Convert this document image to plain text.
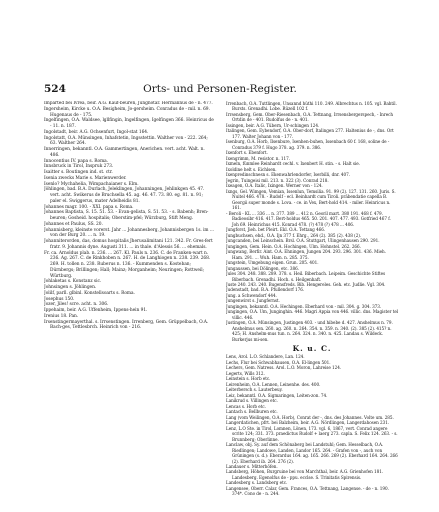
524	Orts- und Personen-Register.

Imparted bei Ivrea, beir. A.G. Kauf-beuren, Jungnotar. Hermannus de - n. 477.

Ingersheim, Kircke u. O.A. Besigheim, Jo-gersheim. Conradus de - mil. n. 69. Hugenaus de - 175.

Ingelfingen, O.A. Waldsee, lgllfingin, Ingelfingen, Igelfingen 366. Heinricus de - 11. n. 187.

Ingolstadt, beir. A.G. Ochsenfurt, Ingol-stat 164.

Ingolstatt, O.A. Münsingen, Inhafstetin, Ingsstettin. Walther von - 222. 264; 63. Walther 264.

Innerringen, bekanntl. O.A. Gammertingen, Anerichen. vert. acht. Walt. n. 486.

Innocentius IV. papa s. Roma.

Innsbruck in Tirol, Inspruk 273.

Isaitter s. Boutingen ind. st. ctr.

Isenia zwecks Marie s. Marienwerder.

Isenlo? Mychahelia, Wimpachaianer s. Elm.

Jöhlingen, bad. B.A. Durlach, Jeleklingen, Johanningen, Jehlinkgen 45. 47. vert. acht. Swikerus de Bruchsella 45. ag. 46. 47. 73. 80. eg. 81. n. 91; paler el. Swiggerus, mater Adelheidis 81.

Johannes magr. 100. - XXI. papa s. Roma.

Johannes Baptista, S. 15. 51. 53. - Evan-gelista, S. 51. 53. - s. Babenh; Bren-beuren; Gosheid. hospitalis; Oberstim-pfel; Würzburg, Stift Meng.

Johannes et Paulus, SS. 20.

Johannisberg, kleinste vorerst. Jahr ... Johannesberg, Johannisbergen 1s. im ... von der Burg 20. ... n. 19.

Johanniterorden, das, domus hospitalis Jherusalimitani 121. 342. Fr. Gres-fert fratr. 9. Johannis dyne. Augusti 311. ... in thale. d'Alessis 56. ... ehemals.

Fr. ca. Arnoldus plab. n. 236. ... 267. Kl. Pauls n. 236. C. de Franken-wart n. 236. Ag. 267. C. de Rinkhoben n. 267. H. de Langhiogen n. 238. 239. 268. 269. H. tollen n. 238. Ruberus n. 136. - Kummenden s. Kosteban; Dürnbergs; Brillingen; Hall; Mainz; Morganheim; Neuringen; Rottweil; Würtburg.

Johlaketas s. Konstanz sic.

Johnsingen s. Jöhlingen.

Jolilf, parll. glbinl. Konstellsoarts s. Roma.

Josephus 150.

Jozer, Jiles! scre. acht. n. 306.

Ippehaim, beir. A.G. Uffenheim, Ippens-hein 91.

Irenius 18. Pan.

Irsenstingermayerthal. s. Irrsenstingen. Irrenberg, Gem. Grüppelbach, O.A. Bach-ges, Tettlesbrch. Heinrich von - 216.

Irrenbach, O.A. Tuttlingen, Unsannd hüthi 110. 249. Albrechtus n. 105. vgl. Bahtil. Bursts. Grenadhi. Lobe. Rüzell 102 f.

Irrsensberg, Gem. Ober-Riesenbach, O.A. Tettnang, Irrsensbergerspech, - Inrech Ortdin de - 401. Rudolfus de - n. 401.

Issingen, beir. A.G. Tübern, Ur-schingen 124.

Italingen, Gem. Eybendorf, O.A. Ober-dorf, Italingen 277. Haltenius de -, dns. Ort 177. Walter Johann von - 177.

Isenburg, O.A. Horb, Ilsenbure, Isenhen-buhen, Issenbach 60 f. 168, soline de - Conradus 379 f. Hugo 378. ag. 379. n. 386.

Ixenfort s. Ebenfort.

Ixengrimm, M. resistor. n. 117.

Ixmeln, fünmlee Reinhardt cechl. v. Ixenbert H. stin. - s. Halt sie.

Ixoldine helt s. Eichlsen.

Ixenpredinschnesn s. Ekenwahrlendorfer, Iserbilli, dnr. 407.

Jegrin, Tuingeisi mil. 213. n. 322 (3). Conrad 218.

Ixeagen, O.A. Italic, Ixingen. Werner von - 124.

Ixngs, Gel. Wimgen, Vemian, Issenlun, Temsilia. 91. 99 (2). 127. 131. 260. Juris. S. Nuitel 466. 478. - Rudolf - ecl. Beinhardt cum Tiroli. präbendatie capella B. Georgii super monde s. Lova. - ce. in Vex, Bert-hold 414. - miler. Heinricus n. 161.

- Beroli - KL ... 336 ... n. 377. 389 ... 412 n. Georil mart. 380 191. 468 f. 479. Badieosibr 416. 417. Bert-holdus 465. 50. 201. 407. 477. 493. Gotfried 467 f. Joh 69. Heinrichus 415. Konrad 478. (?) 478 (?) 478 ... 406.

Jungforst, Jieh. bet Pleirt. Ekl. O.A. Tettang 466.

Jungbuchsen, ehd., O.A. Ijn 377 f. Ehrg., 264 (2). 385 (2). 438 (2).

Jungcanden, bei Leinschein. Brsl. O.A. Stuttgart, Ulingenhausen 290. 291.

Jungingen, Gem. Hein. O.A. Hochingen, Ulm. Hohnstel. 262. 266.

Jungwang, Berfir. Aint. O.A. Ehningen, Jungen 204. 293. 296. 301. 436. Mieh. Ham. 291. ... Wuh. Ham. n. 285. 375.

Jungstein, Umgebung eigen. Grun. 205. 401.

Jungaussen, bei Dölingen, etc. 386.

Jules 304. 248. 388. 289. 378. s. Heil. Biberbach. Leipeim. Geschichte Stiftes Biberbach. Grenadhi. Hoch. s. Heilgenhaft.

Juste 240. 243. 240. Bugensfreds. Bib. Hengereles. Geh. etc. Judlie. Vgl. 304.

Judenstadt, bad. B.A. Pfullendorf 176.

Jung. a Schwendorf 444.

Jungenwirst s. Jungfernst.

Jungingen, bekanntl. O.A. Hechingen. Eberhard von - mil. 304. g. 304. 373.

Jungingen, O.A. Um, Junginghin. 446. Magri Appia von 446. villic. dns. Magister tel villic. 446.

Justingen, O.A. Münsingen, Justingen 403. - und hibebe d. 427. Anshelmus n. 79. Anshelmus sen. 260. ag. 260. n. 264. 354. n. 359. n. 340. (2). 385 (2). 415? n. 425; H. Anshelm-mus tun. n. 264. 324. n. 340. n. 425. Landau s. Wildeck. Burkerjus mi-sen.

K. u. C.

Lens, Arol. L.O. Schlandere, Lan. 124.

Lechs, Flur bei Schwabhausen, O.A. El-lingen 501.

Lechers, Gem. Natress. Arol. L.O. Moron, Lahreise 124.

Legerts, Wills 312.

Leinstein s. Horb etc.

Leirenheim, O.A. Lennen, Leinenhe. des. 400.

Leiterbersch s. Lauterbeuy.

Leiz, bekanntl. O.A. Sigmaringen, Leiten-zon. 74.

Lanikrud s. Villingen etc.

Lencas s. Horb etc.

Lantach s. Bellburen etc.

Lang (vom Weilingen, O.A. Horb), Conrat der -, dns. des Johannes. Volte um. 285.

Langerdatichen, pfrt. bei Balzheim, beir. A.G. Nördlingen, Langerdahosen 231.

Lenz, L.O Ste. in Tirol, Lomnen, Lönen, 173. vgl. 6, 1867, vert. Conrad angere scrite 124; 331. 373. praedictus Rudolf + laerg 273. capla. S. Felix 124. 263. - s. Brunnberg; Oberlinne.

Lanclaw, obj. Sy. auf dem Schönaberg bei Landstuhl; Gem. Hesselbach, O.A. Riedlingen; Landowe, Landen, Landor 165. 264. - Grafen von -, auch von Grüningen (s. d.): Eberardus 164. ag. 165. 266. 269 (2). Eberhard 164. 264. 266 (2). Eberhard ib. 264. 276 (2).

Landauer s. Mitterhöfen.

Landsberg, Höhen, Burgruine bei von Marchthal, beir. A.G. Grienhofen 181. Landesberg. Egenolfus de - ppu. ecclse. S. Trinitatis Spirensis.

Landesberg s. Landsberg etc.

Langensee, Oberr. Calar, Gem. Frances, O.A. Tettnang, Langense. - de - n. 190. 374*. Cono de - n. 244.
